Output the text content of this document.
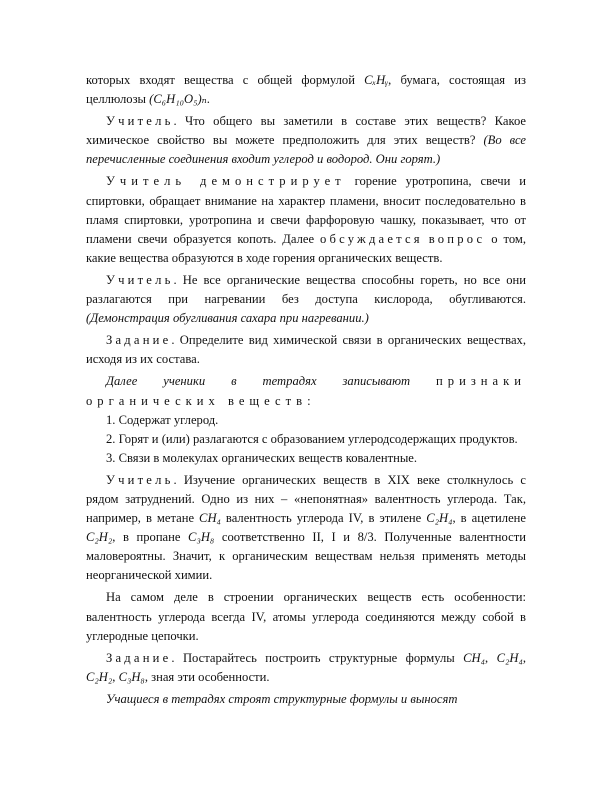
которых входят вещества с общей формулой CₓHᵧ, бумага, состоящая из целлюлозы (C₆H₁₀O₅)ₙ.

Учитель. Что общего вы заметили в составе этих веществ? Какое химическое свойство вы можете предположить для этих веществ? (Во все перечисленные соединения входит углерод и водород. Они горят.)

Учитель демонстрирует горение уротропина, свечи и спиртовки, обращает внимание на характер пламени, вносит последовательно в пламя спиртовки, уротропина и свечи фарфоровую чашку, показывает, что от пламени свечи образуется копоть. Далее обсуждается вопрос о том, какие вещества образуются в ходе горения органических веществ.

Учитель. Не все органические вещества способны гореть, но все они разлагаются при нагревании без доступа кислорода, обугливаются. (Демонстрация обугливания сахара при нагревании.)

Задание. Определите вид химической связи в органических веществах, исходя из их состава.

Далее ученики в тетрадях записывают признаки органических веществ:

1. Содержат углерод.

2. Горят и (или) разлагаются с образованием углеродсодержащих продуктов.

3. Связи в молекулах органических веществ ковалентные.

Учитель. Изучение органических веществ в XIX веке столкнулось с рядом затруднений. Одно из них – «непонятная» валентность углерода. Так, например, в метане CH₄ валентность углерода IV, в этилене C₂H₄, в ацетилене C₂H₂, в пропане C₃H₈ соответственно II, I и 8/3. Полученные валентности маловероятны. Значит, к органическим веществам нельзя применять методы неорганической химии.

На самом деле в строении органических веществ есть особенности: валентность углерода всегда IV, атомы углерода соединяются между собой в углеродные цепочки.

Задание. Постарайтесь построить структурные формулы CH₄, C₂H₄, C₂H₂, C₃H₈, зная эти особенности.

Учащиеся в тетрадях строят структурные формулы и выносят
